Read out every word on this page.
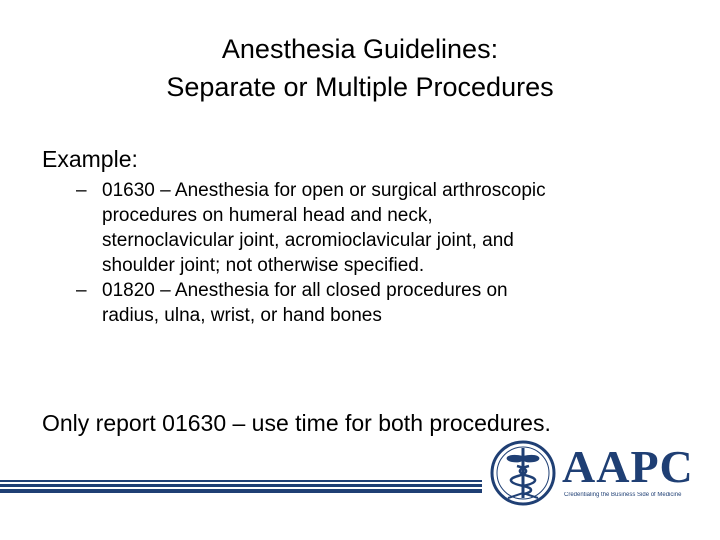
Anesthesia Guidelines:
Separate or Multiple Procedures
Example:
– 01630 – Anesthesia for open or surgical arthroscopic
procedures on humeral head and neck,
sternoclavicular joint, acromioclavicular joint, and
shoulder joint; not otherwise specified.
– 01820 – Anesthesia for all closed procedures on
radius, ulna, wrist, or hand bones
Only report 01630 – use time for both procedures.
AAPC
Credentialing the Business Side of Medicine
